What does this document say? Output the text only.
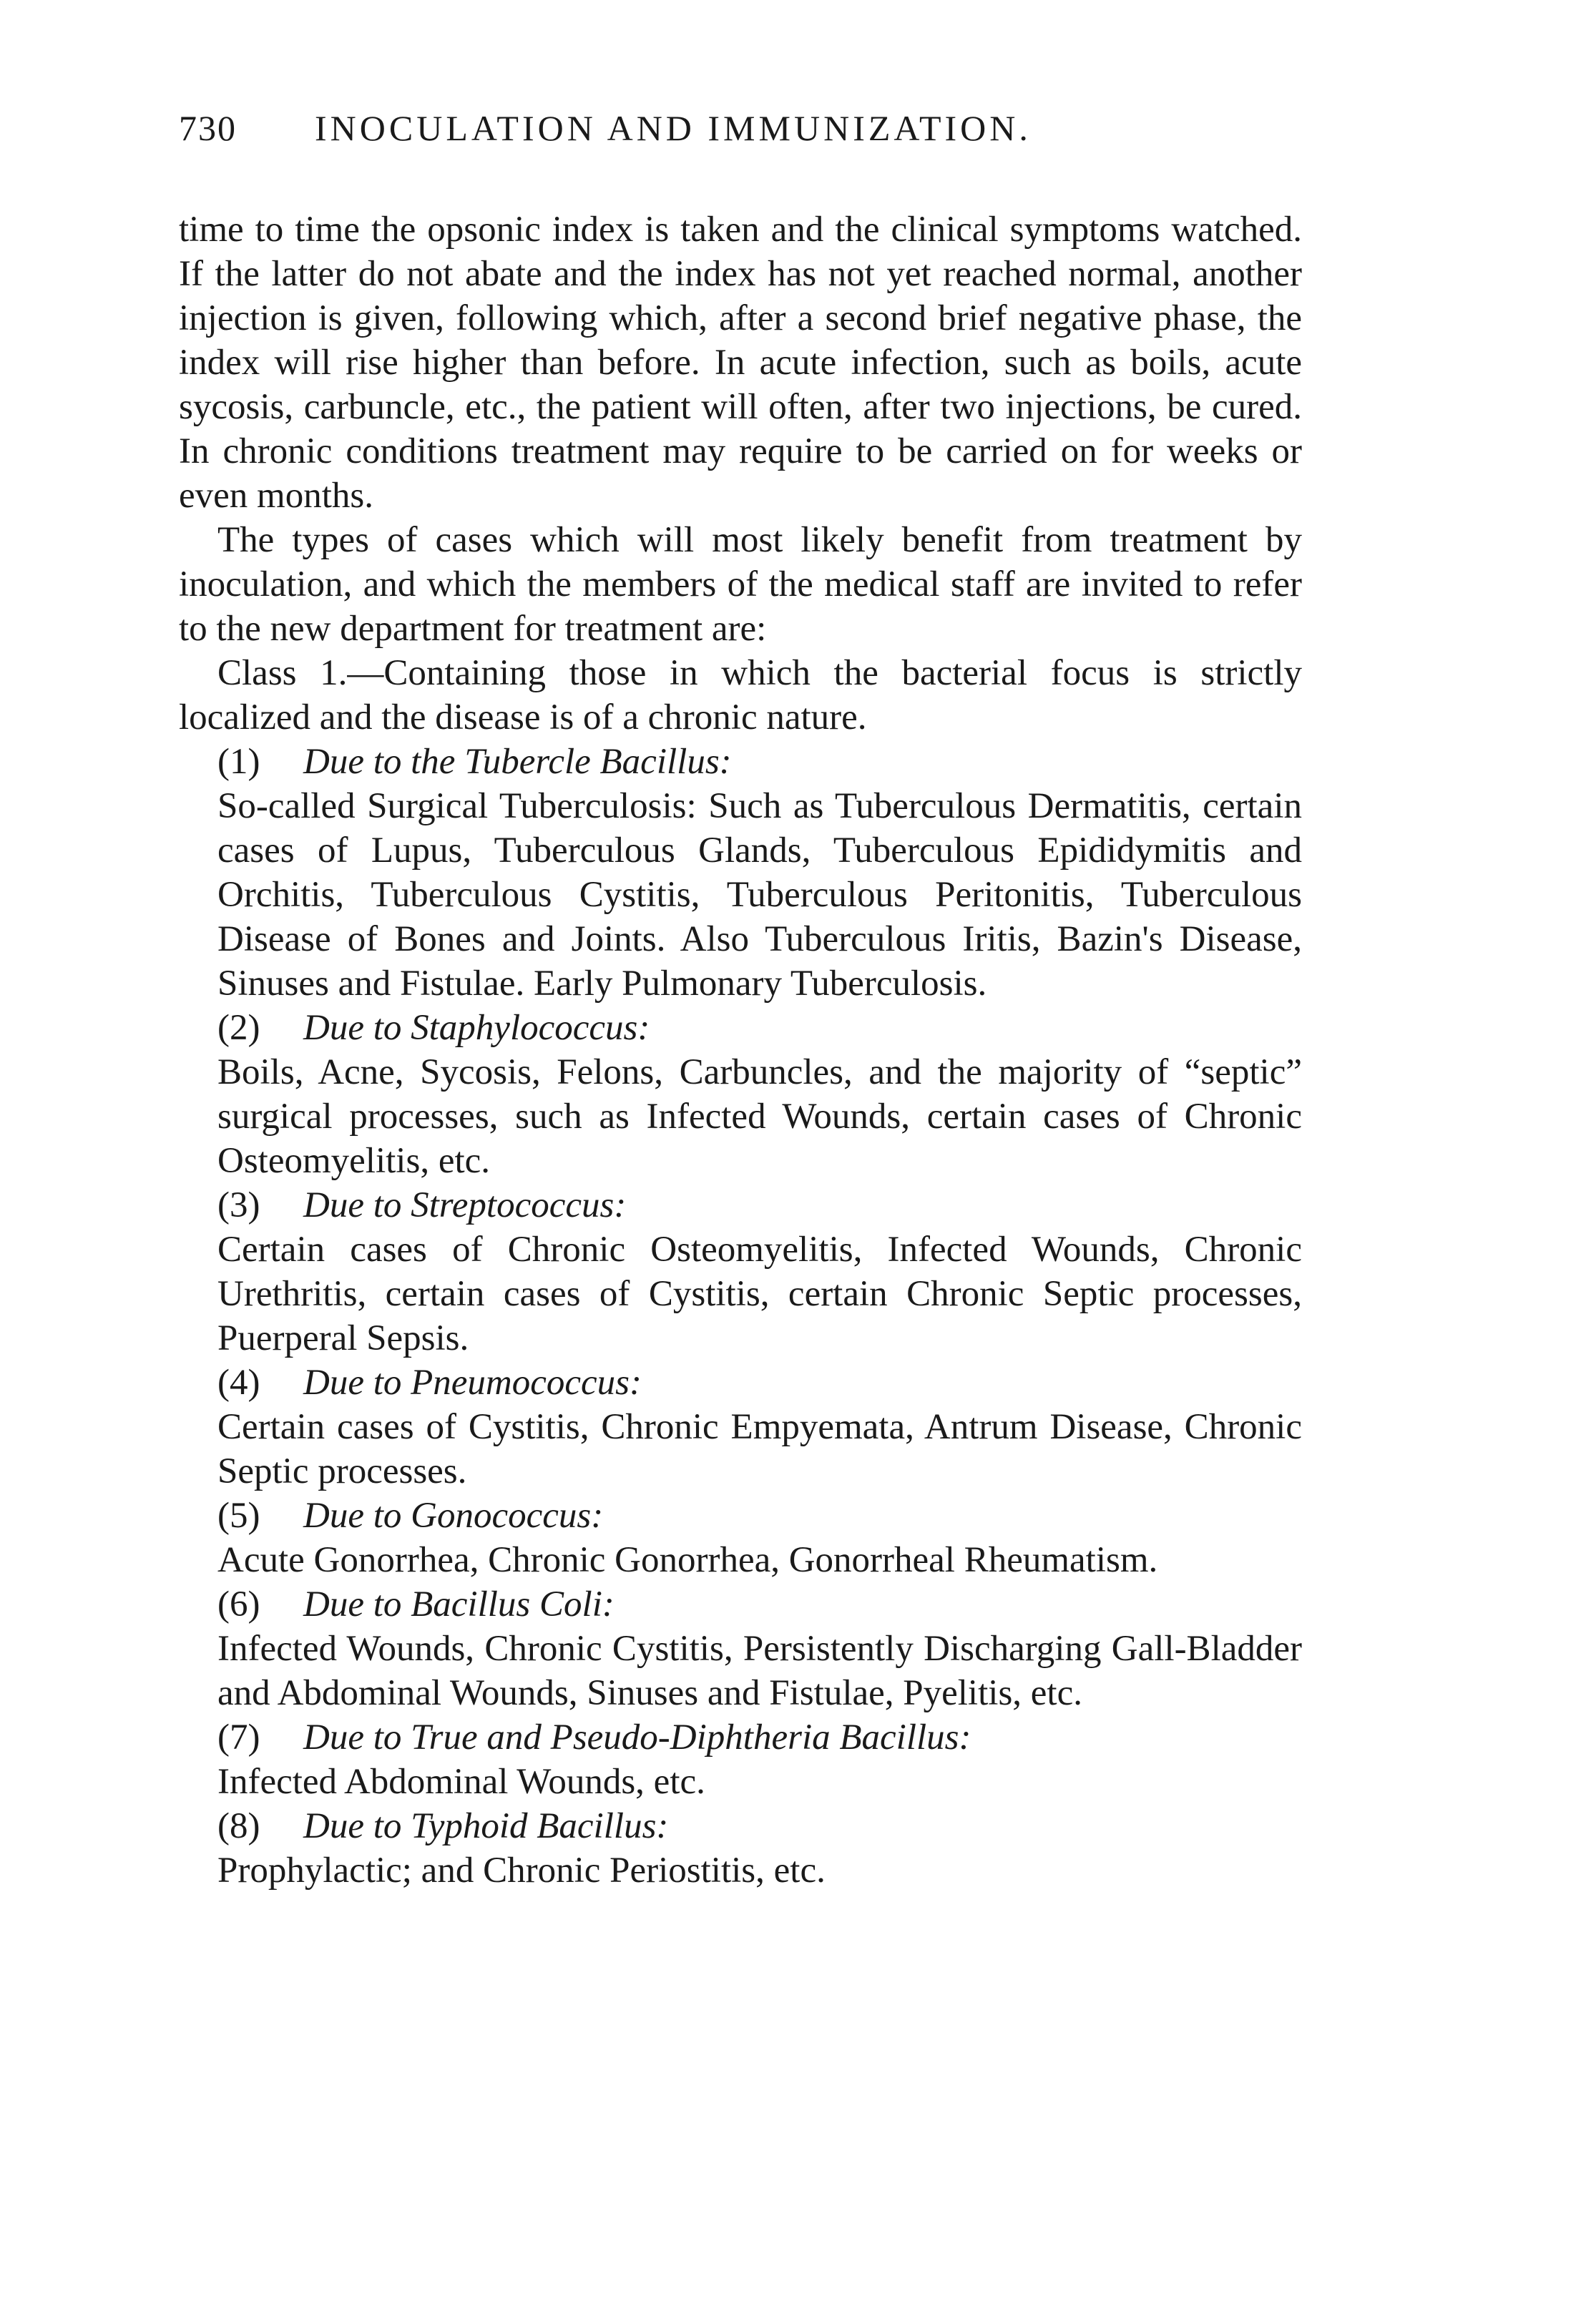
730	INOCULATION AND IMMUNIZATION.

time to time the opsonic index is taken and the clinical symptoms watched. If the latter do not abate and the index has not yet reached normal, another injection is given, following which, after a second brief negative phase, the index will rise higher than before. In acute infection, such as boils, acute sycosis, carbuncle, etc., the patient will often, after two injections, be cured. In chronic conditions treatment may require to be carried on for weeks or even months.

The types of cases which will most likely benefit from treatment by inoculation, and which the members of the medical staff are invited to refer to the new department for treatment are:

Class 1.—Containing those in which the bacterial focus is strictly localized and the disease is of a chronic nature.

(1) Due to the Tubercle Bacillus:

So-called Surgical Tuberculosis: Such as Tuberculous Dermatitis, certain cases of Lupus, Tuberculous Glands, Tuberculous Epididymitis and Orchitis, Tuberculous Cystitis, Tuberculous Peritonitis, Tuberculous Disease of Bones and Joints. Also Tuberculous Iritis, Bazin's Disease, Sinuses and Fistulae. Early Pulmonary Tuberculosis.

(2) Due to Staphylococcus:

Boils, Acne, Sycosis, Felons, Carbuncles, and the majority of “septic” surgical processes, such as Infected Wounds, certain cases of Chronic Osteomyelitis, etc.

(3) Due to Streptococcus:

Certain cases of Chronic Osteomyelitis, Infected Wounds, Chronic Urethritis, certain cases of Cystitis, certain Chronic Septic processes, Puerperal Sepsis.

(4) Due to Pneumococcus:

Certain cases of Cystitis, Chronic Empyemata, Antrum Disease, Chronic Septic processes.

(5) Due to Gonococcus:

Acute Gonorrhea, Chronic Gonorrhea, Gonorrheal Rheumatism.

(6) Due to Bacillus Coli:

Infected Wounds, Chronic Cystitis, Persistently Discharging Gall-Bladder and Abdominal Wounds, Sinuses and Fistulae, Pyelitis, etc.

(7) Due to True and Pseudo-Diphtheria Bacillus:

Infected Abdominal Wounds, etc.

(8) Due to Typhoid Bacillus:

Prophylactic; and Chronic Periostitis, etc.
